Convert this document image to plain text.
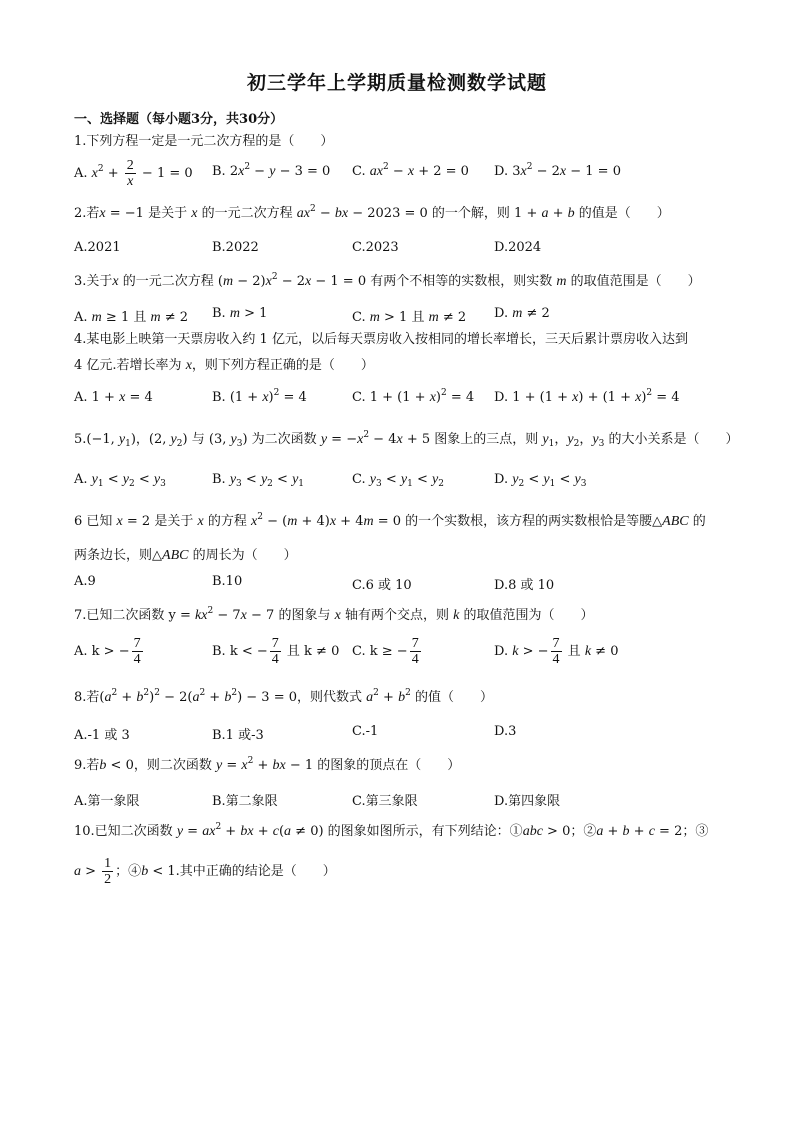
初三学年上学期质量检测数学试题
一、选择题（每小题3分，共30分）
1.下列方程一定是一元二次方程的是（　　）
A. $x^2 + \frac{2}{x} - 1 = 0$ B. $2x^2 - y - 3 = 0$ C. $ax^2 - x + 2 = 0$ D. $3x^2 - 2x - 1 = 0$
2.若x = −1 是关于 x 的一元二次方程 $ax^2$ − bx − 2023 = 0 的一个解，则 1 + a + b 的值是（　　）
A.2021	B.2022	C.2023	D.2024
3.关于x 的一元二次方程 $(m - 2)x^2 - 2x - 1 = 0$ 有两个不相等的实数根，则实数 m 的取值范围是（　　）
A. m ≥ 1 且 m ≠ 2 B. m > 1	C. m > 1 且 m ≠ 2 D. m ≠ 2
4.某电影上映第一天票房收入约 1 亿元，以后每天票房收入按相同的增长率增长，三天后累计票房收入达到
4 亿元.若增长率为 x，则下列方程正确的是（　　）
A. 1 + x = 4	B. $(1 + x)^2 = 4$	C. $1 + (1 + x)^2 = 4$ D. $1 + (1 + x) + (1 + x)^2 = 4$
5.(−1, $y_1$)，(2, $y_2$) 与 (3, $y_3$) 为二次函数 $y = -x^2 - 4x + 5$ 图象上的三点，则 $y_1$，$y_2$，$y_3$ 的大小关系是（　　）
A. $y_1 < y_2 < y_3$	B. $y_3 < y_2 < y_1$	C. $y_3 < y_1 < y_2$	D. $y_2 < y_1 < y_3$
6 已知 x = 2 是关于 x 的方程 $x^2 - (m + 4)x + 4m = 0$ 的一个实数根，该方程的两实数根恰是等腰△ABC 的
两条边长，则△ABC 的周长为（　　）
A.9	B.10	C.6 或 10	D.8 或 10
7.已知二次函数 $y = kx^2 - 7x - 7$ 的图象与 x 轴有两个交点，则 k 的取值范围为（　　）
A. k > − $\frac{7}{4}$	B. k < − $\frac{7}{4}$ 且 k ≠ 0 C. k ≥ − $\frac{7}{4}$	D. k > − $\frac{7}{4}$ 且 k ≠ 0
8.若$(a^2 + b^2)^2 - 2(a^2 + b^2) - 3 = 0$，则代数式 $a^2 + b^2$ 的值（　　）
A.-1 或 3	B.1 或-3	C.-1	D.3
9.若b < 0，则二次函数 $y = x^2$ + bx − 1 的图象的顶点在（　　）
A.第一象限	B.第二象限	C.第三象限	D.第四象限
10.已知二次函数 $y = ax^2$ + bx + c(a ≠ 0) 的图象如图所示，有下列结论：①abc > 0；②a + b + c = 2；③
$a > \frac{1}{2}$ ；④b < 1.其中正确的结论是（　　）
